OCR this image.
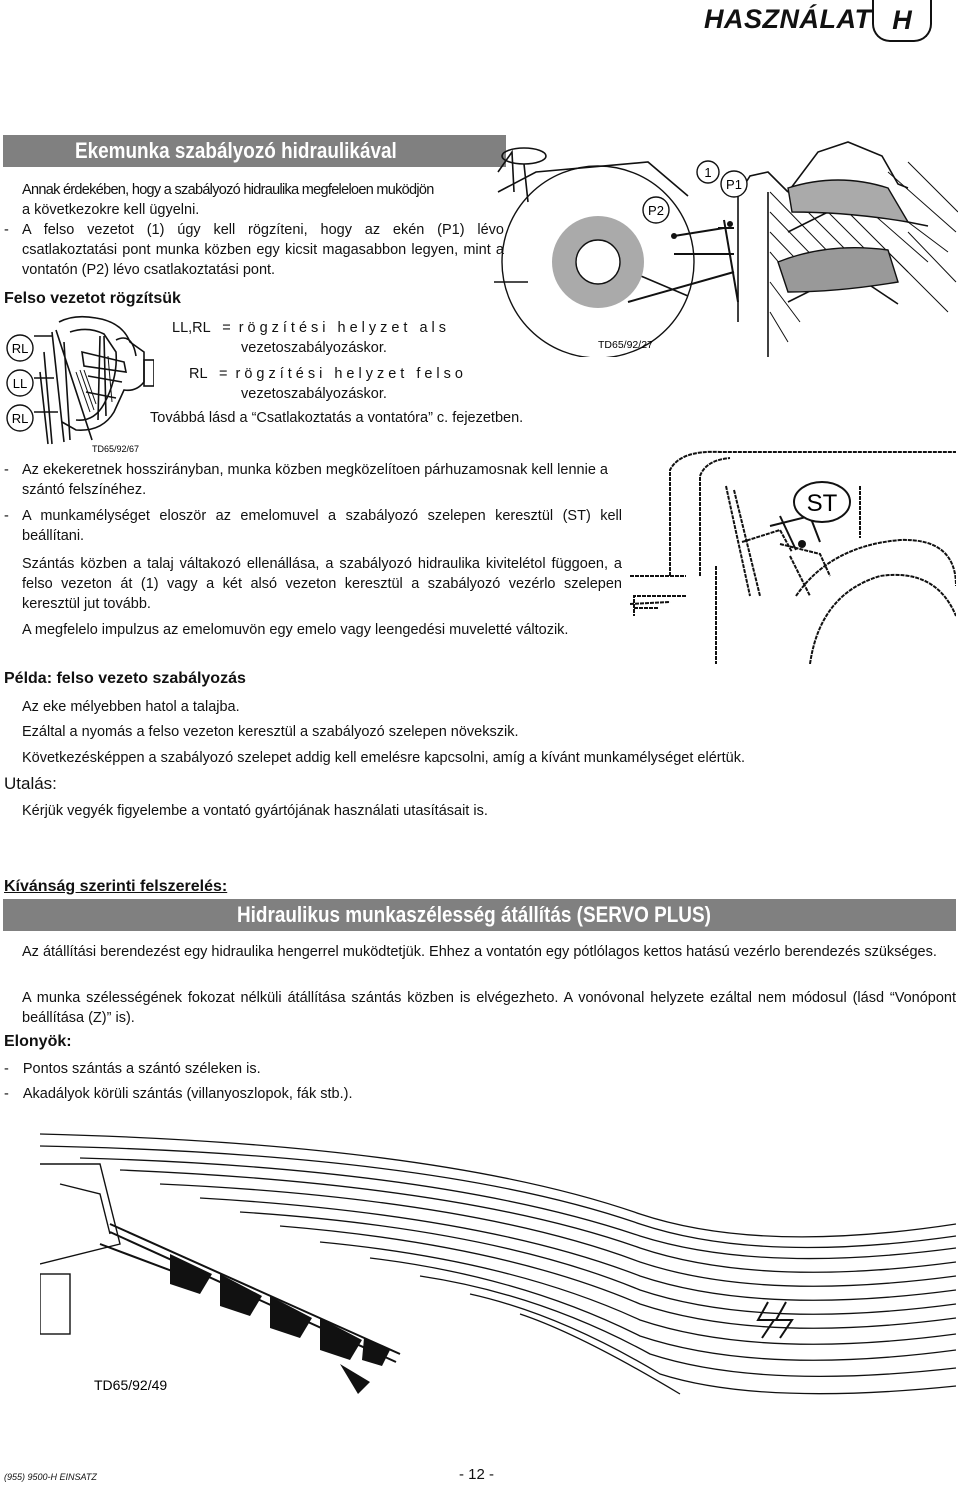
HASZNÁLAT H
Ekemunka szabályozó hidraulikával

Annak érdekében, hogy a szabályozó hidraulika megfeleloen muködjön

a következokre kell ügyelni.

- A felso vezetot (1) úgy kell rögzíteni, hogy az ekén (P1) lévo csatlakoztatási pont munka közben egy kicsit magasabbon legyen, mint a vontatón (P2) lévo csatlakoztatási pont.

Felso vezetot rögzítsük
RL
LL
RL
TD65/92/67
LL,RL = rögzítési helyzet als
vezetoszabályozáskor.
RL = rögzítési helyzet felso
vezetoszabályozáskor.
Továbbá lásd a “Csatlakoztatás a vontatóra” c. fejezetben.
P2
1
P1
TD65/92/27
- Az ekekeretnek hosszirányban, munka közben megközelítoen párhuzamosnak kell lennie a szántó felszínéhez.

- A munkamélységet eloször az emelomuvel a szabályozó szelepen keresztül (ST) kell beállítani.

Szántás közben a talaj váltakozó ellenállása, a szabályozó hidraulika kivitelétol függoen, a felso vezeton át (1) vagy a két alsó vezeton keresztül a szabályozó vezérlo szelepen keresztül jut tovább.
A megfelelo impulzus az emelomuvön egy emelo vagy leengedési muveletté változik.
ST
Példa: felso vezeto szabályozás
Az eke mélyebben hatol a talajba.
Ezáltal a nyomás a felso vezeton keresztül a szabályozó szelepen növekszik.
Következésképpen a szabályozó szelepet addig kell emelésre kapcsolni, amíg a kívánt munkamélységet elértük.
Utalás:
Kérjük vegyék figyelembe a vontató gyártójának használati utasításait is.
Kívánság szerinti felszerelés:
Hidraulikus munkaszélesség átállítás (SERVO PLUS)
Az átállítási berendezést egy hidraulika hengerrel muködtetjük. Ehhez a vontatón egy pótlólagos kettos hatású vezérlo berendezés szükséges.
A munka szélességének fokozat nélküli átállítása szántás közben is elvégezheto. A vonóvonal helyzete ezáltal nem módosul (lásd “Vonópont beállítása (Z)” is).
Elonyök:
- Pontos szántás a szántó széleken is.
- Akadályok körüli szántás (villanyoszlopok, fák stb.).
TD65/92/49
(955) 9500-H EINSATZ	- 12 -
